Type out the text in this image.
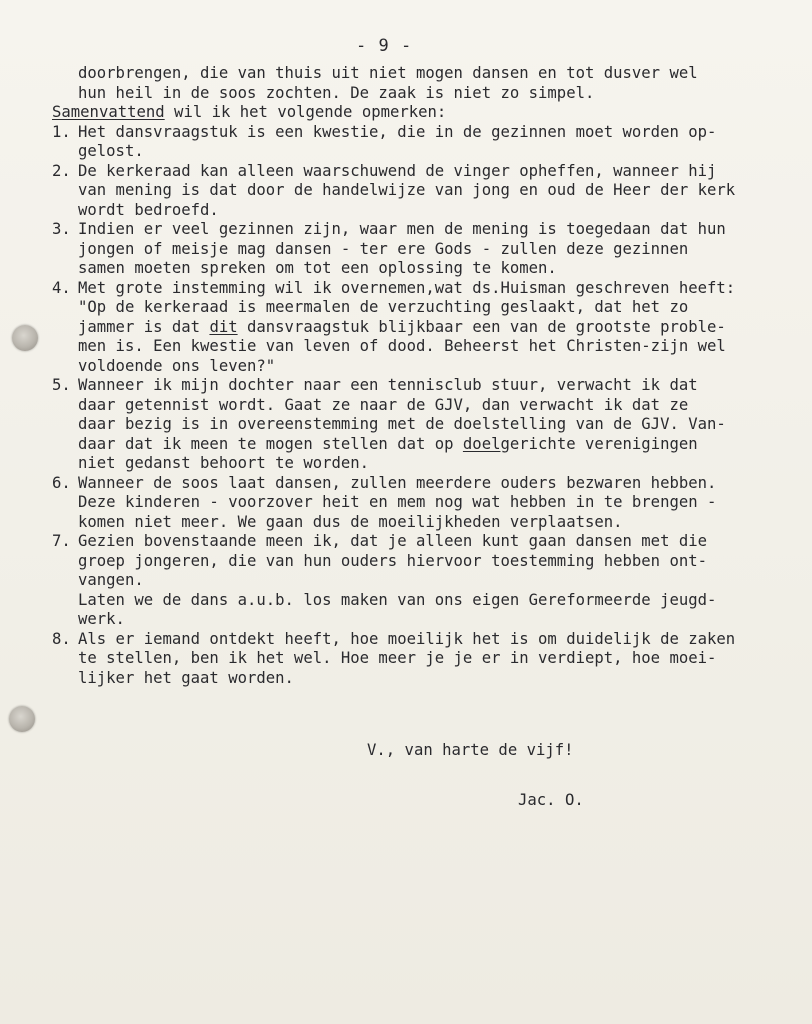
- 9 -
doorbrengen, die van thuis uit niet mogen dansen en tot dusver wel
hun heil in de soos zochten. De zaak is niet zo simpel.
Samenvattend wil ik het volgende opmerken:
1. Het dansvraagstuk is een kwestie, die in de gezinnen moet worden op-
gelost.
2. De kerkeraad kan alleen waarschuwend de vinger opheffen, wanneer hij
van mening is dat door de handelwijze van jong en oud de Heer der kerk
wordt bedroefd.
3. Indien er veel gezinnen zijn, waar men de mening is toegedaan dat hun
jongen of meisje mag dansen - ter ere Gods - zullen deze gezinnen
samen moeten spreken om tot een oplossing te komen.
4. Met grote instemming wil ik overnemen,wat ds.Huisman geschreven heeft:
"Op de kerkeraad is meermalen de verzuchting geslaakt, dat het zo
jammer is dat dit dansvraagstuk blijkbaar een van de grootste proble-
men is. Een kwestie van leven of dood. Beheerst het Christen-zijn wel
voldoende ons leven?"
5. Wanneer ik mijn dochter naar een tennisclub stuur, verwacht ik dat
daar getennist wordt. Gaat ze naar de GJV, dan verwacht ik dat ze
daar bezig is in overeenstemming met de doelstelling van de GJV. Van-
daar dat ik meen te mogen stellen dat op doelgerichte verenigingen
niet gedanst behoort te worden.
6. Wanneer de soos laat dansen, zullen meerdere ouders bezwaren hebben.
Deze kinderen - voorzover heit en mem nog wat hebben in te brengen -
komen niet meer. We gaan dus de moeilijkheden verplaatsen.
7. Gezien bovenstaande meen ik, dat je alleen kunt gaan dansen met die
groep jongeren, die van hun ouders hiervoor toestemming hebben ont-
vangen.
Laten we de dans a.u.b. los maken van ons eigen Gereformeerde jeugd-
werk.
8. Als er iemand ontdekt heeft, hoe moeilijk het is om duidelijk de zaken
te stellen, ben ik het wel. Hoe meer je je er in verdiept, hoe moei-
lijker het gaat worden.
V., van harte de vijf!
Jac. O.
